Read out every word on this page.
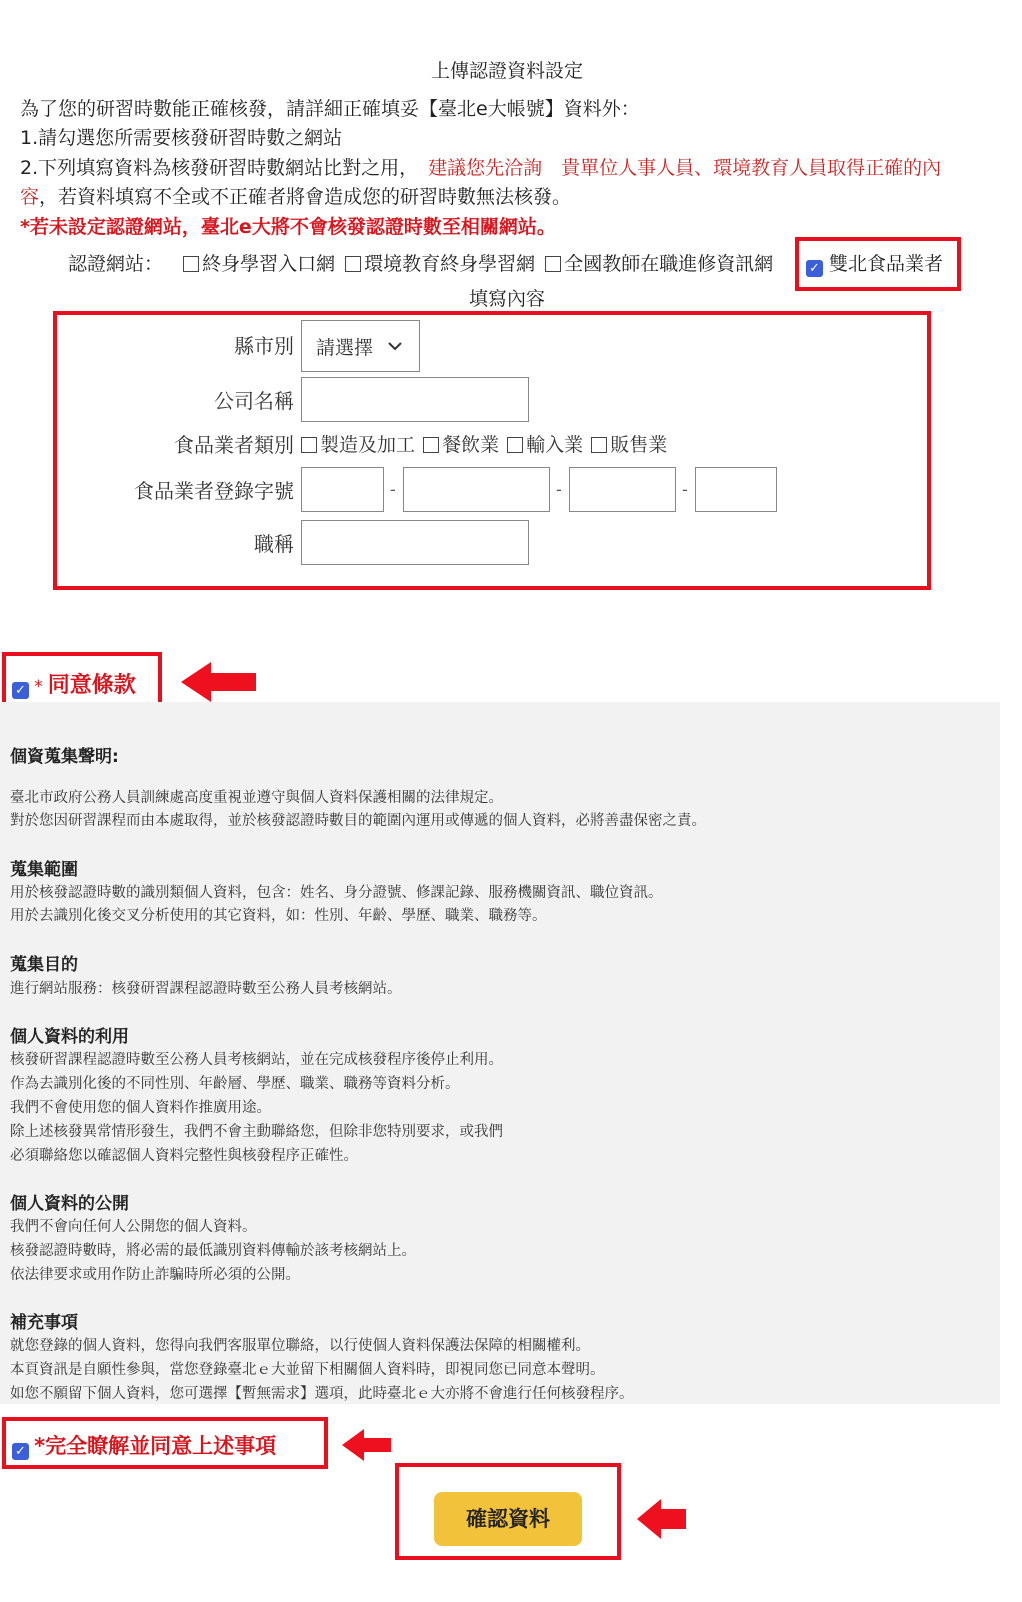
上傳認證資料設定
為了您的研習時數能正確核發，請詳細正確填妥【臺北e大帳號】資料外：
1.請勾選您所需要核發研習時數之網站
2.下列填寫資料為核發研習時數網站比對之用， 建議您先洽詢　貴單位人事人員、環境教育人員取得正確的內
容，若資料填寫不全或不正確者將會造成您的研習時數無法核發。
*若未設定認證網站，臺北e大將不會核發認證時數至相關網站。
認證網站： 終身學習入口網 環境教育終身學習網 全國教師在職進修資訊網	✓ 雙北食品業者
填寫內容
縣市別 請選擇
公司名稱
食品業者類別	製造及加工 餐飲業 輸入業 販售業
食品業者登錄字號	-	-	-
職稱
✓ * 同意條款
個資蒐集聲明:
臺北市政府公務人員訓練處高度重視並遵守與個人資料保護相關的法律規定。
對於您因研習課程而由本處取得，並於核發認證時數目的範圍內運用或傳遞的個人資料，必將善盡保密之責。
蒐集範圍
用於核發認證時數的識別類個人資料，包含：姓名、身分證號、修課記錄、服務機關資訊、職位資訊。
用於去識別化後交叉分析使用的其它資料，如：性別、年齡、學歷、職業、職務等。
蒐集目的
進行網站服務：核發研習課程認證時數至公務人員考核網站。
個人資料的利用
核發研習課程認證時數至公務人員考核網站，並在完成核發程序後停止利用。
作為去識別化後的不同性別、年齡層、學歷、職業、職務等資料分析。
我們不會使用您的個人資料作推廣用途。
除上述核發異常情形發生，我們不會主動聯絡您，但除非您特別要求，或我們
必須聯絡您以確認個人資料完整性與核發程序正確性。
個人資料的公開
我們不會向任何人公開您的個人資料。
核發認證時數時，將必需的最低識別資料傳輸於該考核網站上。
依法律要求或用作防止詐騙時所必須的公開。
補充事項
就您登錄的個人資料，您得向我們客服單位聯絡，以行使個人資料保護法保障的相關權利。
本頁資訊是自願性參與，當您登錄臺北ｅ大並留下相關個人資料時，即視同您已同意本聲明。
如您不願留下個人資料，您可選擇【暫無需求】選項，此時臺北ｅ大亦將不會進行任何核發程序。
✓ *完全瞭解並同意上述事項
確認資料
